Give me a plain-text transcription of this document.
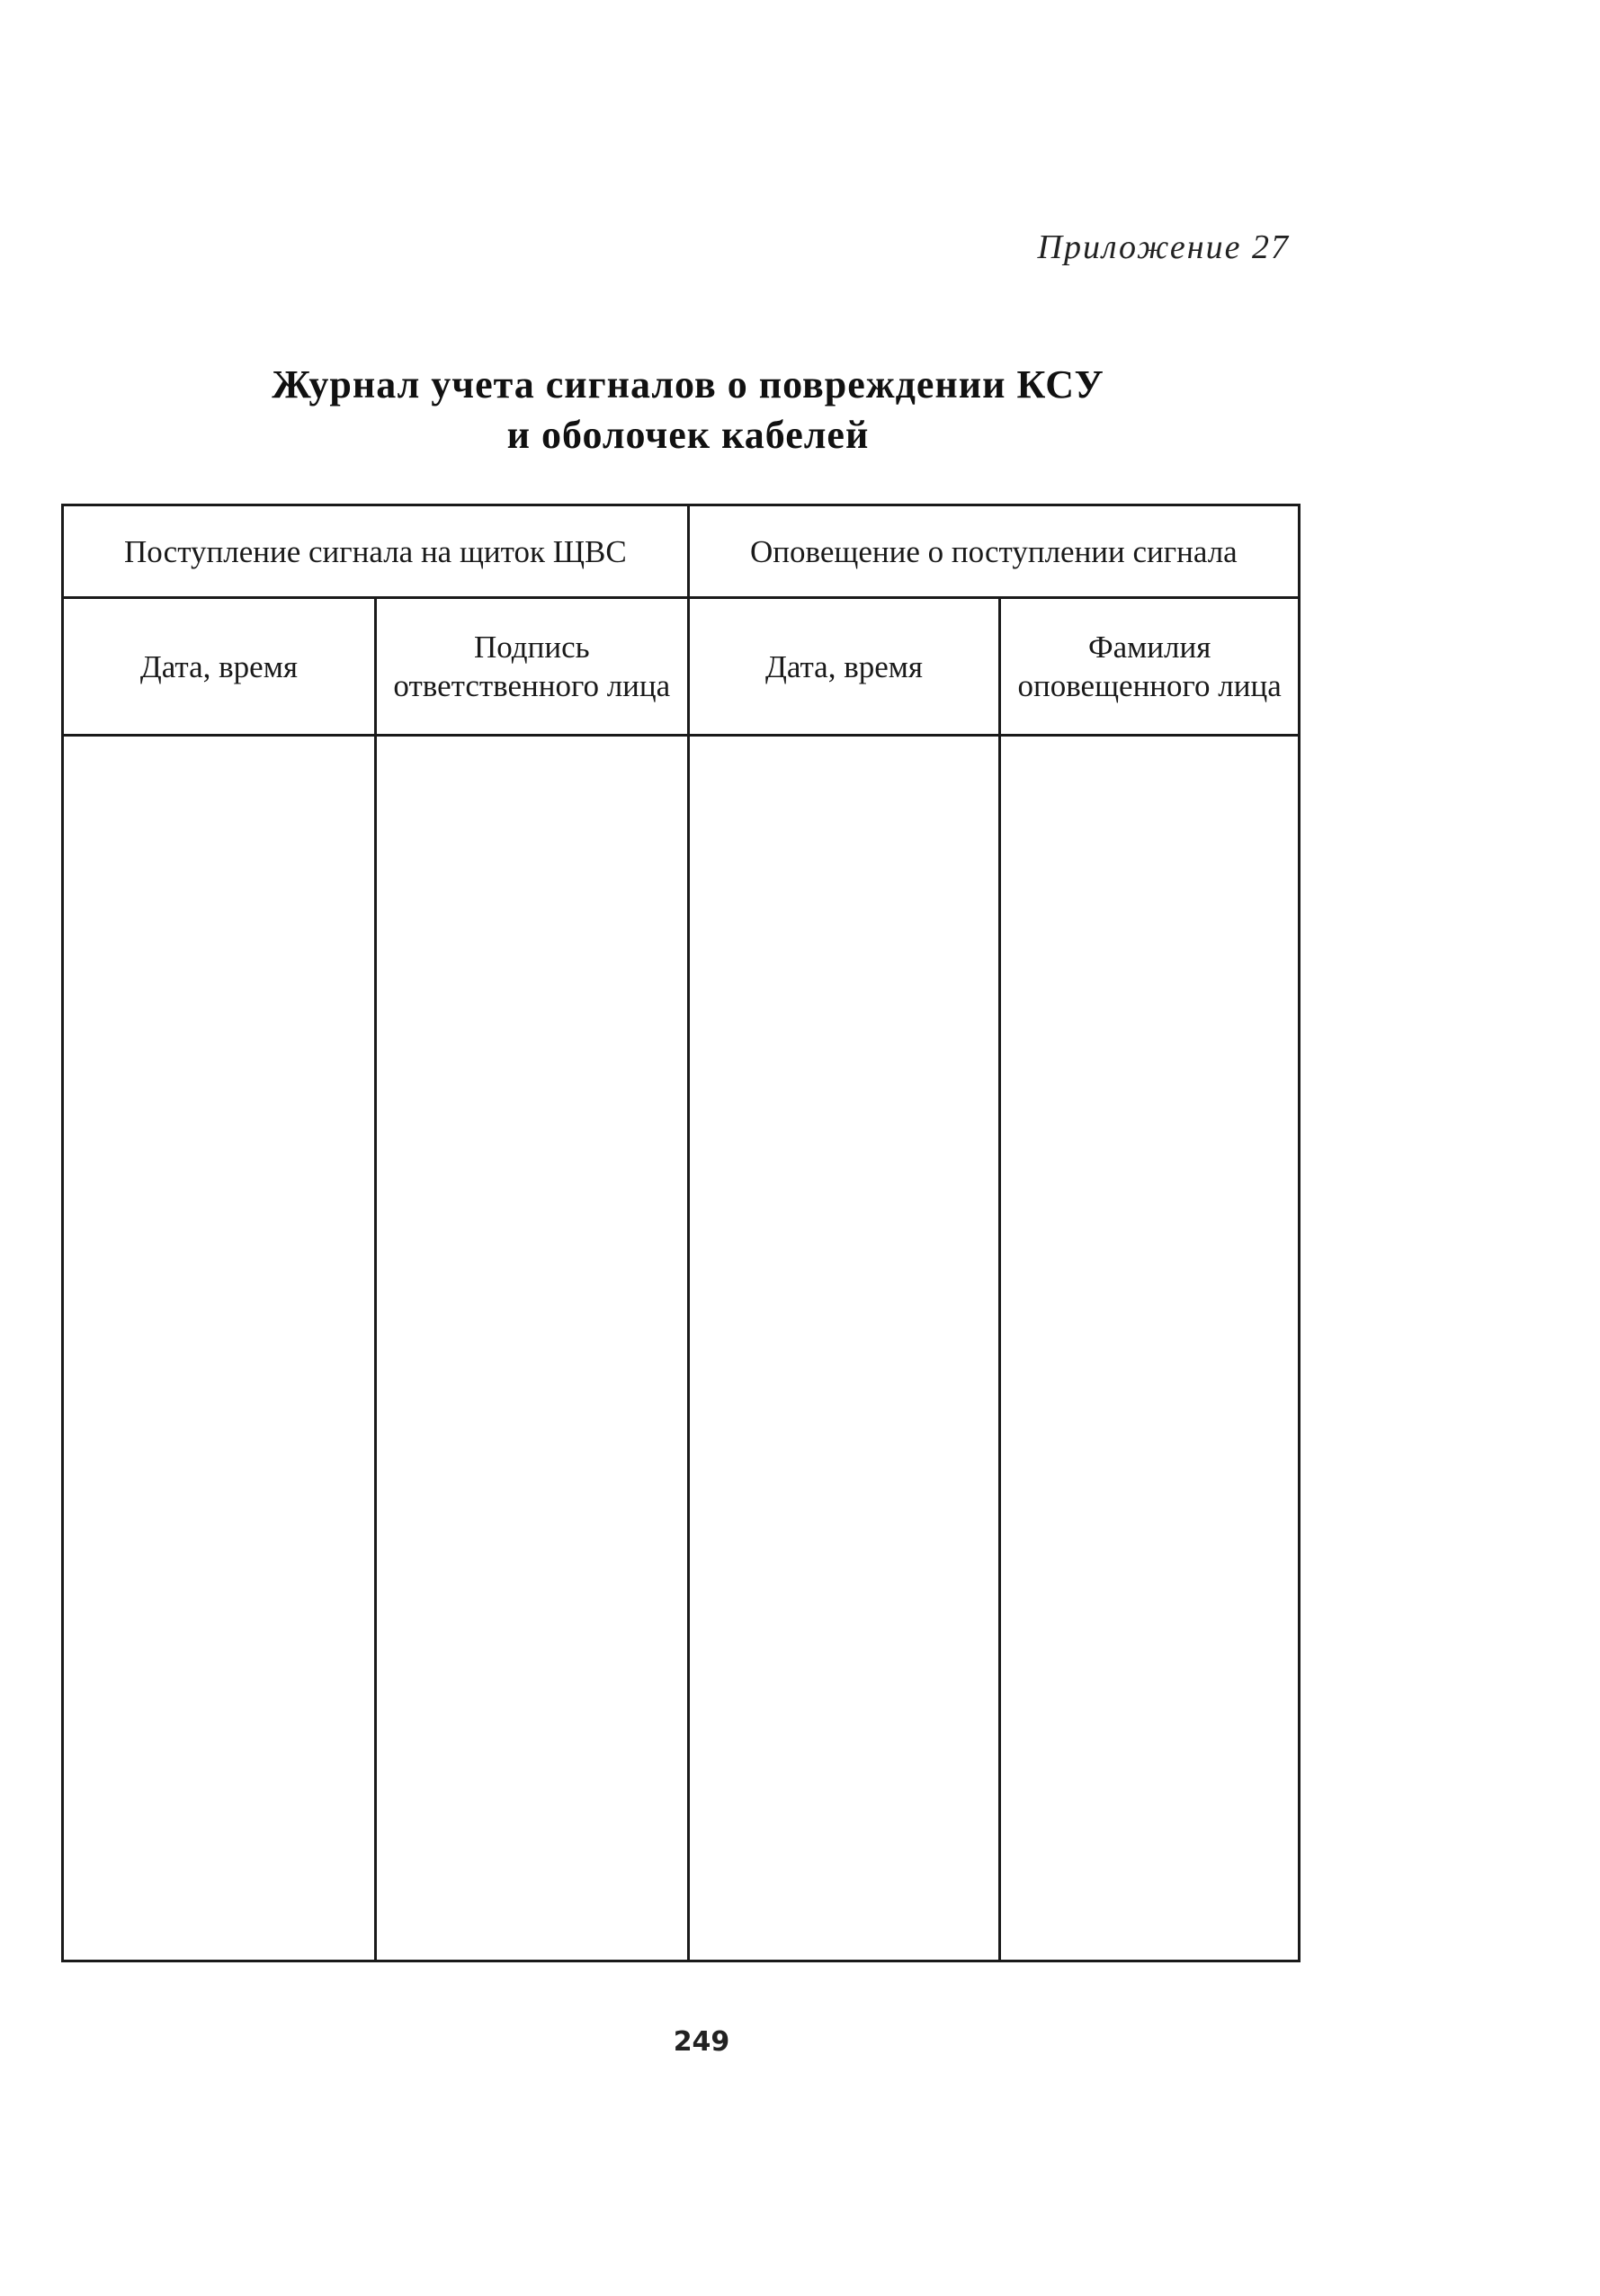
Приложение 27
Журнал учета сигналов о повреждении КСУ
и оболочек кабелей
Поступление сигнала на щиток ЩВС		Оповещение о поступлении сигнала	
Дата, время	Подпись ответственного лица	Дата, время	Фамилия оповещенного лица

249
